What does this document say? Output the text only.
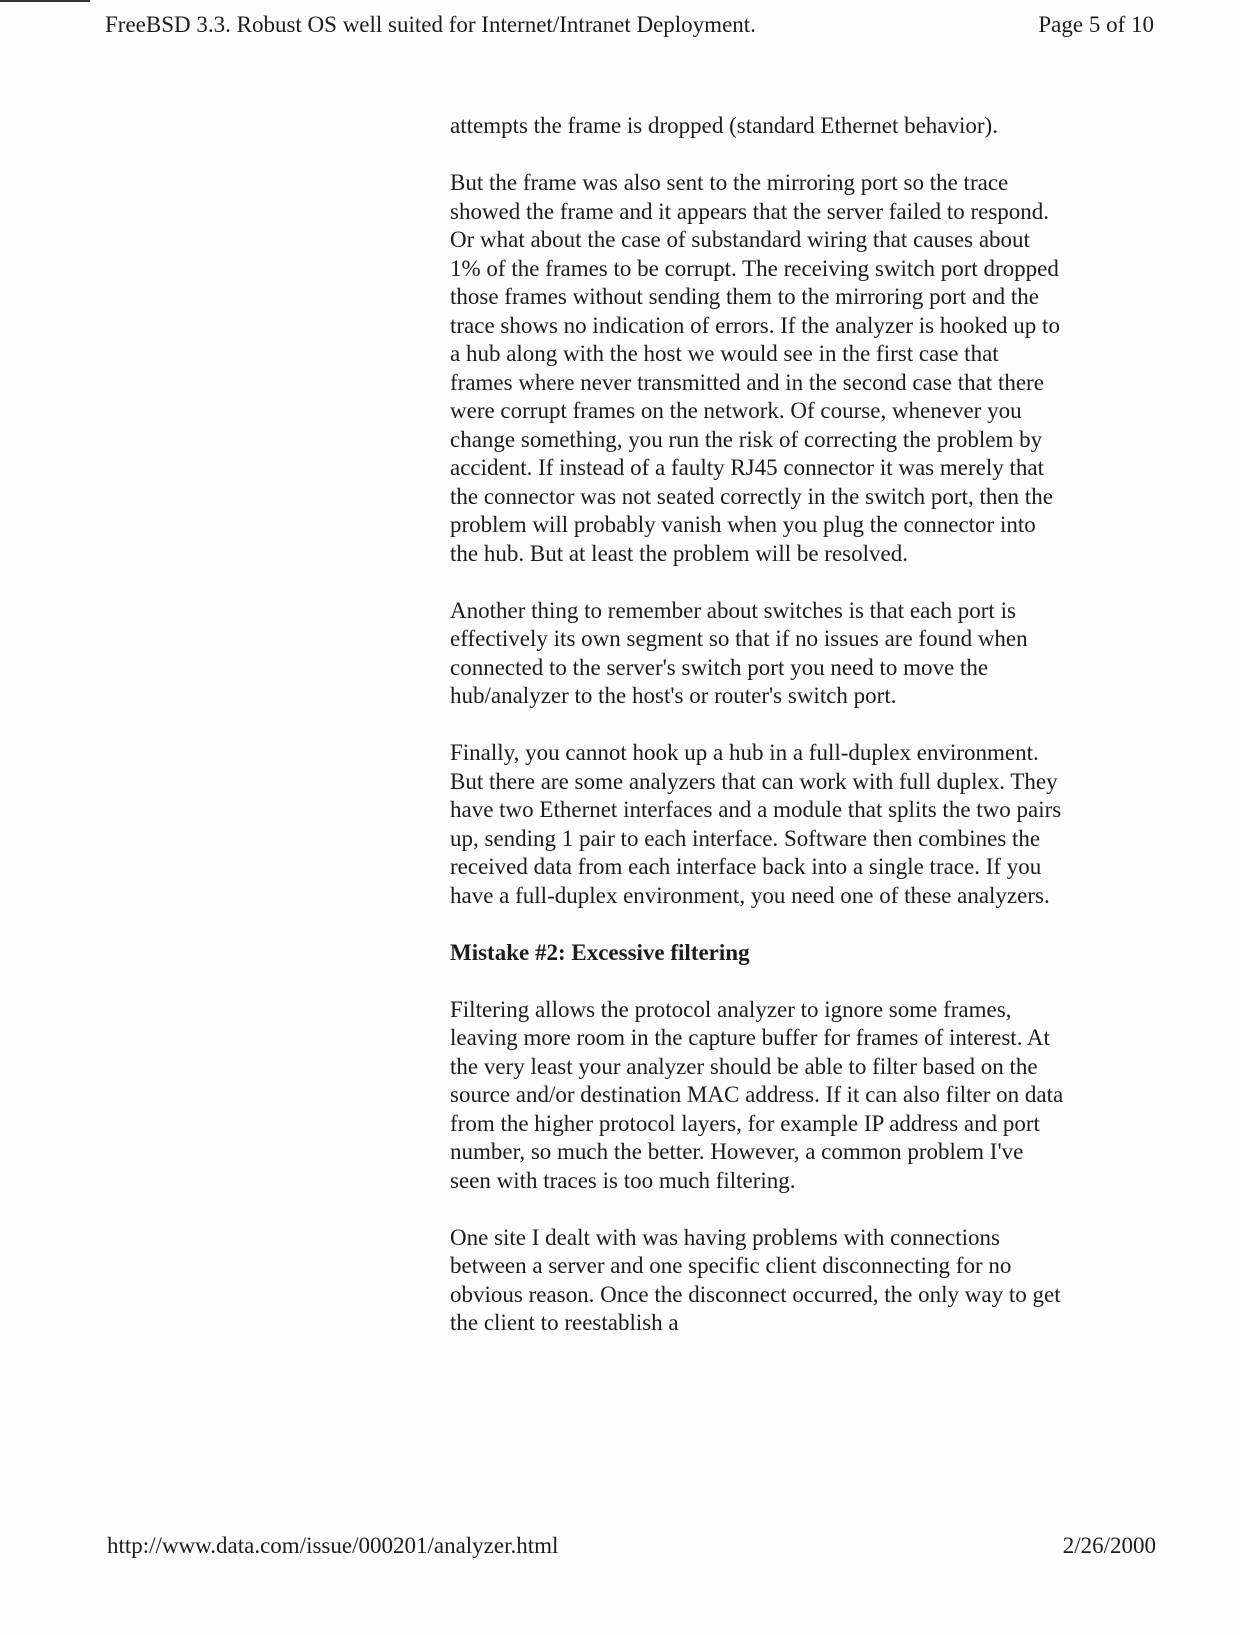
FreeBSD 3.3. Robust OS well suited for Internet/Intranet Deployment.	Page 5 of 10

attempts the frame is dropped (standard Ethernet behavior).

But the frame was also sent to the mirroring port so the trace showed the frame and it appears that the server failed to respond. Or what about the case of substandard wiring that causes about 1% of the frames to be corrupt. The receiving switch port dropped those frames without sending them to the mirroring port and the trace shows no indication of errors. If the analyzer is hooked up to a hub along with the host we would see in the first case that frames where never transmitted and in the second case that there were corrupt frames on the network. Of course, whenever you change something, you run the risk of correcting the problem by accident. If instead of a faulty RJ45 connector it was merely that the connector was not seated correctly in the switch port, then the problem will probably vanish when you plug the connector into the hub. But at least the problem will be resolved.

Another thing to remember about switches is that each port is effectively its own segment so that if no issues are found when connected to the server's switch port you need to move the hub/analyzer to the host's or router's switch port.

Finally, you cannot hook up a hub in a full-duplex environment. But there are some analyzers that can work with full duplex. They have two Ethernet interfaces and a module that splits the two pairs up, sending 1 pair to each interface. Software then combines the received data from each interface back into a single trace. If you have a full-duplex environment, you need one of these analyzers.

Mistake #2: Excessive filtering

Filtering allows the protocol analyzer to ignore some frames, leaving more room in the capture buffer for frames of interest. At the very least your analyzer should be able to filter based on the source and/or destination MAC address. If it can also filter on data from the higher protocol layers, for example IP address and port number, so much the better. However, a common problem I've seen with traces is too much filtering.

One site I dealt with was having problems with connections between a server and one specific client disconnecting for no obvious reason. Once the disconnect occurred, the only way to get the client to reestablish a

http://www.data.com/issue/000201/analyzer.html	2/26/2000
